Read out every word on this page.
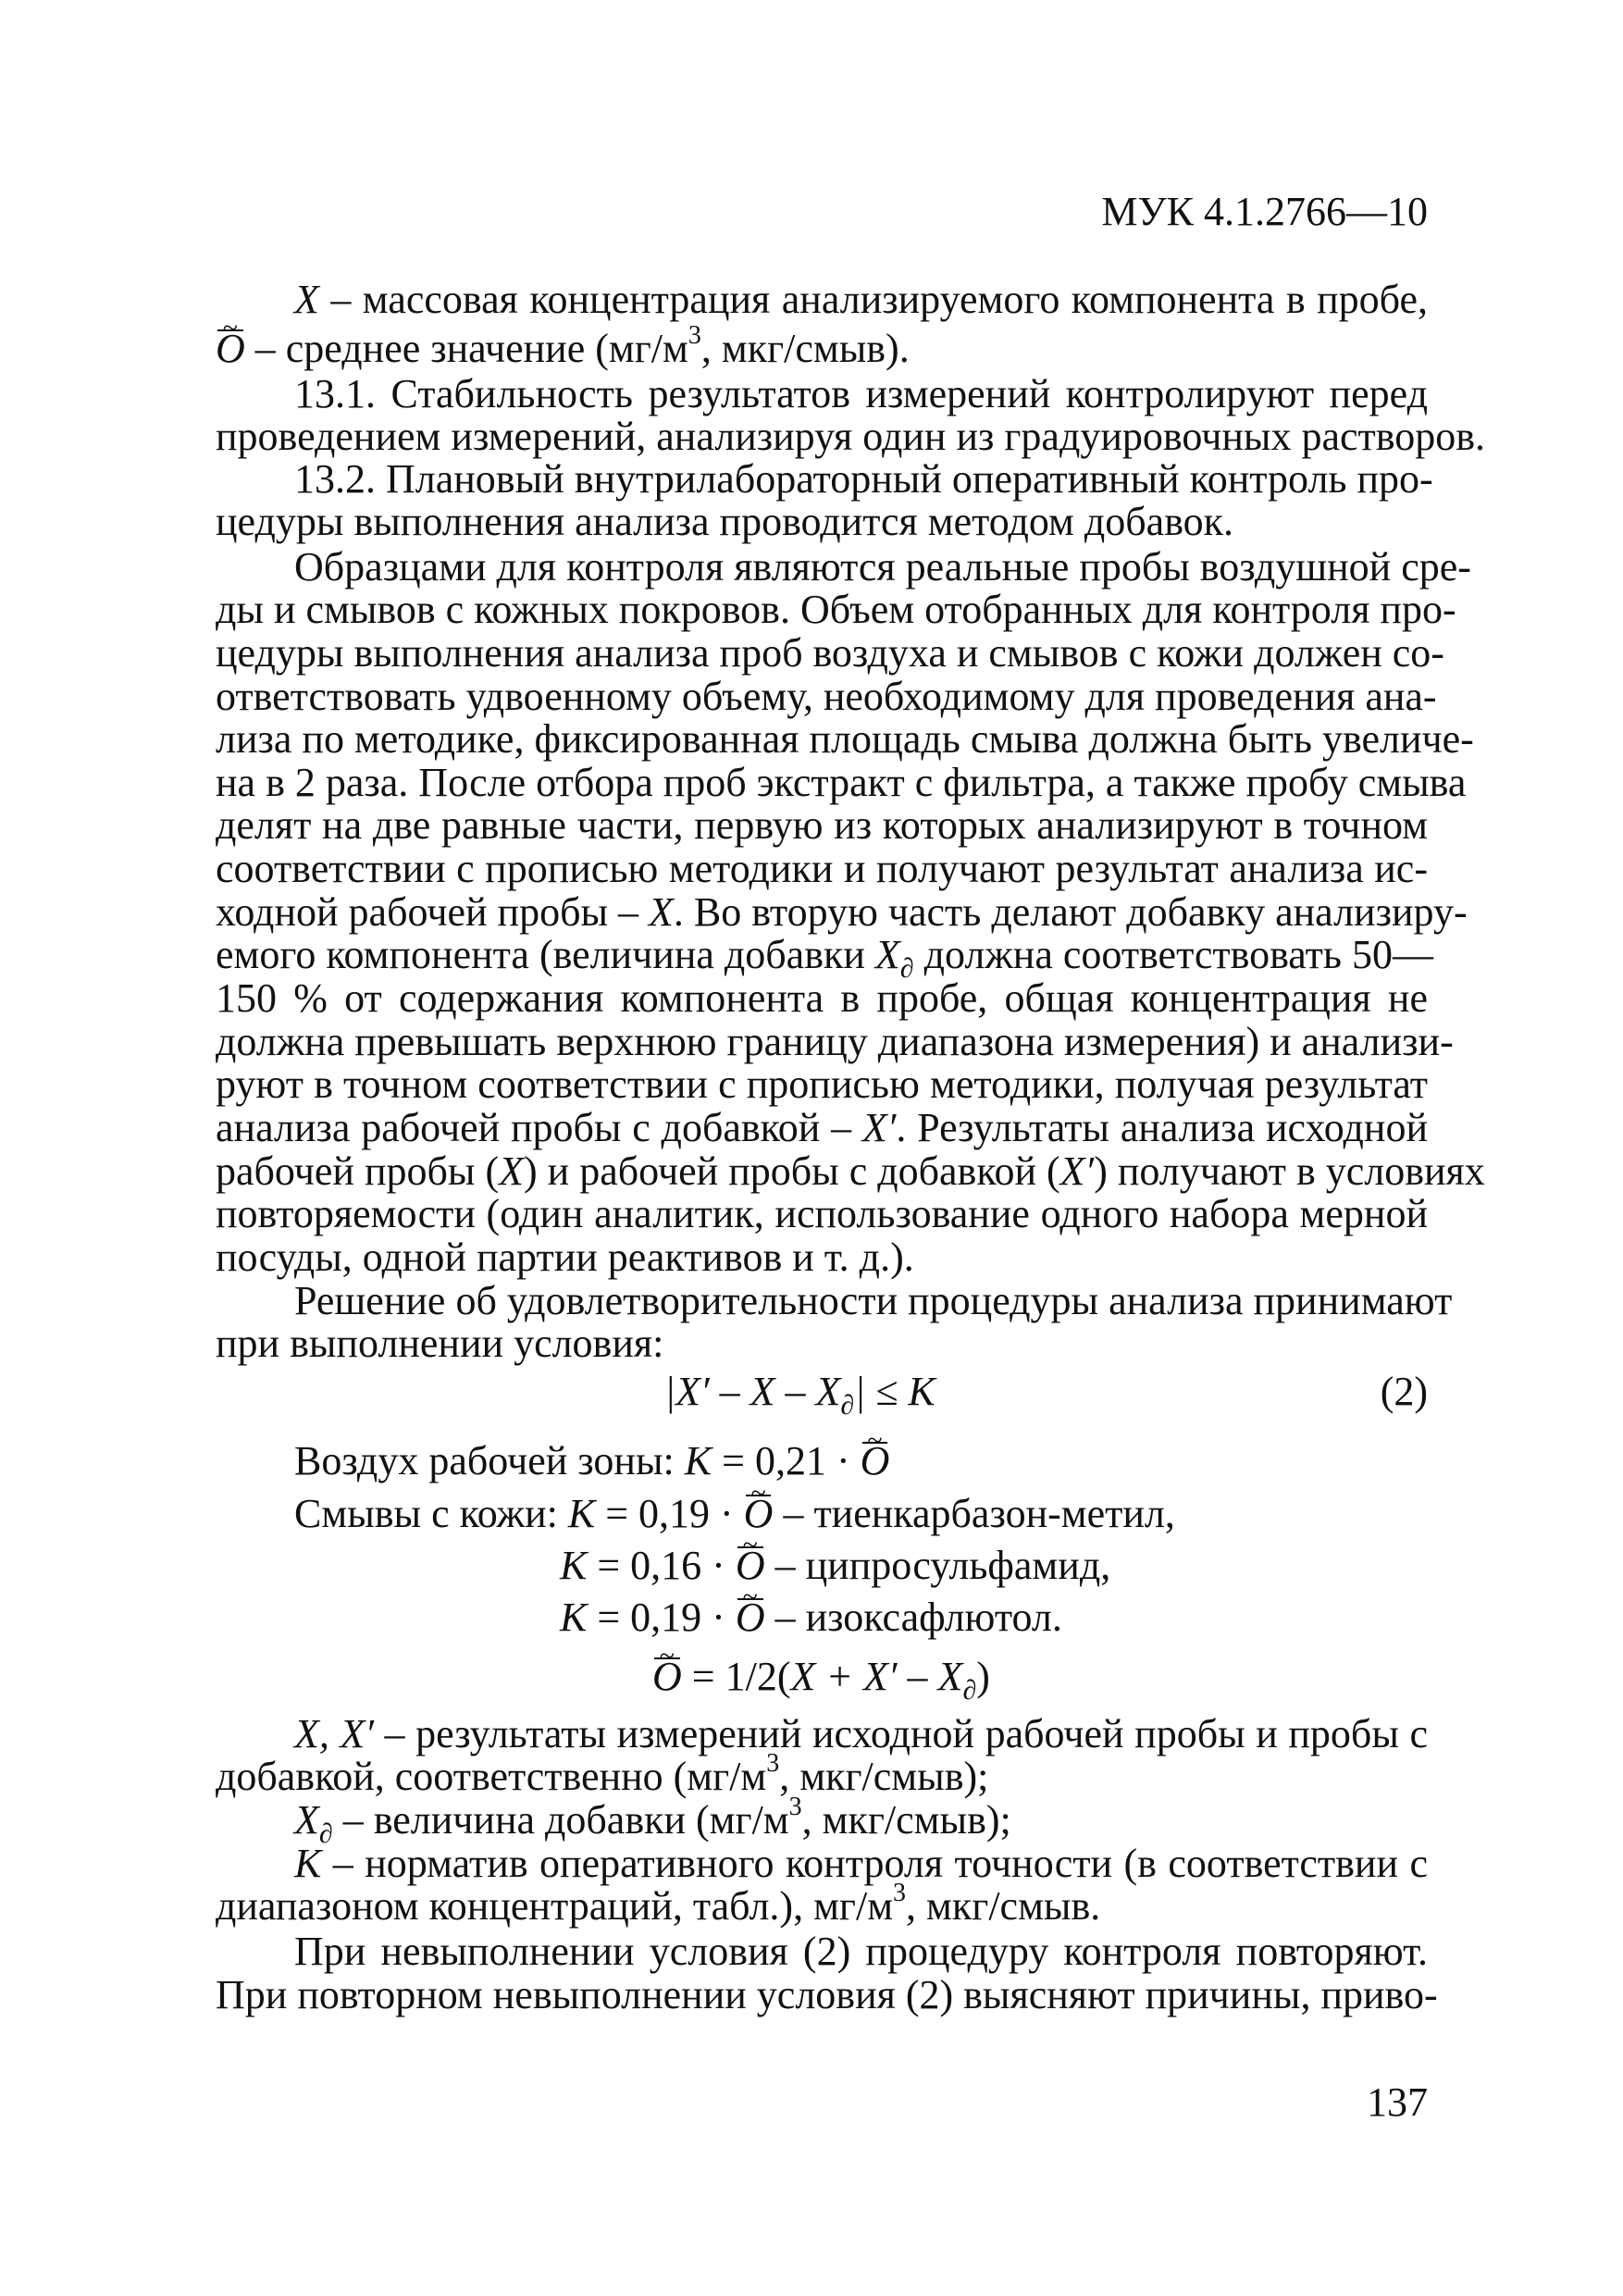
МУК 4.1.2766—10
X – массовая концентрация анализируемого компонента в пробе,
O ~ – среднее значение ($мг/м^3$, мкг/смыв).
13.1. Стабильность результатов измерений контролируют перед
проведением измерений, анализируя один из градуировочных растворов.
13.2. Плановый внутрилабораторный оперативный контроль про-
цедуры выполнения анализа проводится методом добавок.
Образцами для контроля являются реальные пробы воздушной сре-
ды и смывов с кожных покровов. Объем отобранных для контроля про-
цедуры выполнения анализа проб воздуха и смывов с кожи должен со-
ответствовать удвоенному объему, необходимому для проведения ана-
лиза по методике, фиксированная площадь смыва должна быть увеличе-
на в 2 раза. После отбора проб экстракт с фильтра, а также пробу смыва
делят на две равные части, первую из которых анализируют в точном
соответствии с прописью методики и получают результат анализа ис-
ходной рабочей пробы – X. Во вторую часть делают добавку анализиру-
емого компонента (величина добавки $X_\partial$ должна соответствовать 50—
150 % от содержания компонента в пробе, общая концентрация не
должна превышать верхнюю границу диапазона измерения) и анализи-
руют в точном соответствии с прописью методики, получая результат
анализа рабочей пробы с добавкой – X′. Результаты анализа исходной
рабочей пробы (X) и рабочей пробы с добавкой (X′) получают в условиях
повторяемости (один аналитик, использование одного набора мерной
посуды, одной партии реактивов и т. д.).
Решение об удовлетворительности процедуры анализа принимают
при выполнении условия:
$|X' - X - X_\partial| \le K$	(2)
Воздух рабочей зоны: K = 0,21 · O ~
Смывы с кожи: K = 0,19 · O ~ – тиенкарбазон-метил,
K = 0,16 · O ~ – ципросульфамид,
K = 0,19 · O ~ – изоксафлютол.
O ~ = $1/2(X + X' - X_\partial)$
X, X′ – результаты измерений исходной рабочей пробы и пробы с
добавкой, соответственно ($мг/м^3$, мкг/смыв);
$X_\partial$ – величина добавки ($мг/м^3$, мкг/смыв);
K – норматив оперативного контроля точности (в соответствии с
диапазоном концентраций, табл.), $мг/м^3$, мкг/смыв.
При невыполнении условия (2) процедуру контроля повторяют.
При повторном невыполнении условия (2) выясняют причины, приво-
137
